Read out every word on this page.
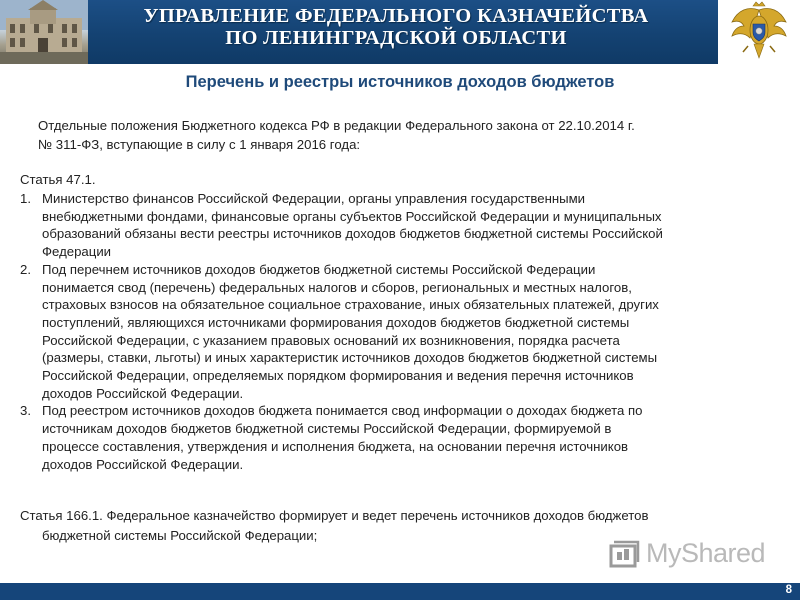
УПРАВЛЕНИЕ ФЕДЕРАЛЬНОГО КАЗНАЧЕЙСТВА
ПО ЛЕНИНГРАДСКОЙ ОБЛАСТИ
Перечень и реестры источников доходов бюджетов
Отдельные положения Бюджетного кодекса РФ в редакции Федерального закона от 22.10.2014 г.
№ 311-ФЗ, вступающие в силу с 1 января 2016 года:
Статья 47.1.
1. Министерство финансов Российской Федерации, органы управления государственными
внебюджетными фондами, финансовые органы субъектов Российской Федерации и муниципальных
образований обязаны вести реестры источников доходов бюджетов бюджетной системы Российской
Федерации
2. Под перечнем источников доходов бюджетов бюджетной системы Российской Федерации
понимается свод (перечень) федеральных налогов и сборов, региональных и местных налогов,
страховых взносов на обязательное социальное страхование, иных обязательных платежей, других
поступлений, являющихся источниками формирования доходов бюджетов бюджетной системы
Российской Федерации, с указанием правовых оснований их возникновения, порядка расчета
(размеры, ставки, льготы) и иных характеристик источников доходов бюджетов бюджетной системы
Российской Федерации, определяемых порядком формирования и ведения перечня источников
доходов Российской Федерации.
3. Под реестром источников доходов бюджета понимается свод информации о доходах бюджета по
источникам доходов бюджетов бюджетной системы Российской Федерации, формируемой в
процессе составления, утверждения и исполнения бюджета, на основании перечня источников
доходов Российской Федерации.
Статья 166.1. Федеральное казначейство формирует и ведет перечень источников доходов бюджетов
бюджетной системы Российской Федерации;
MyShared
8
